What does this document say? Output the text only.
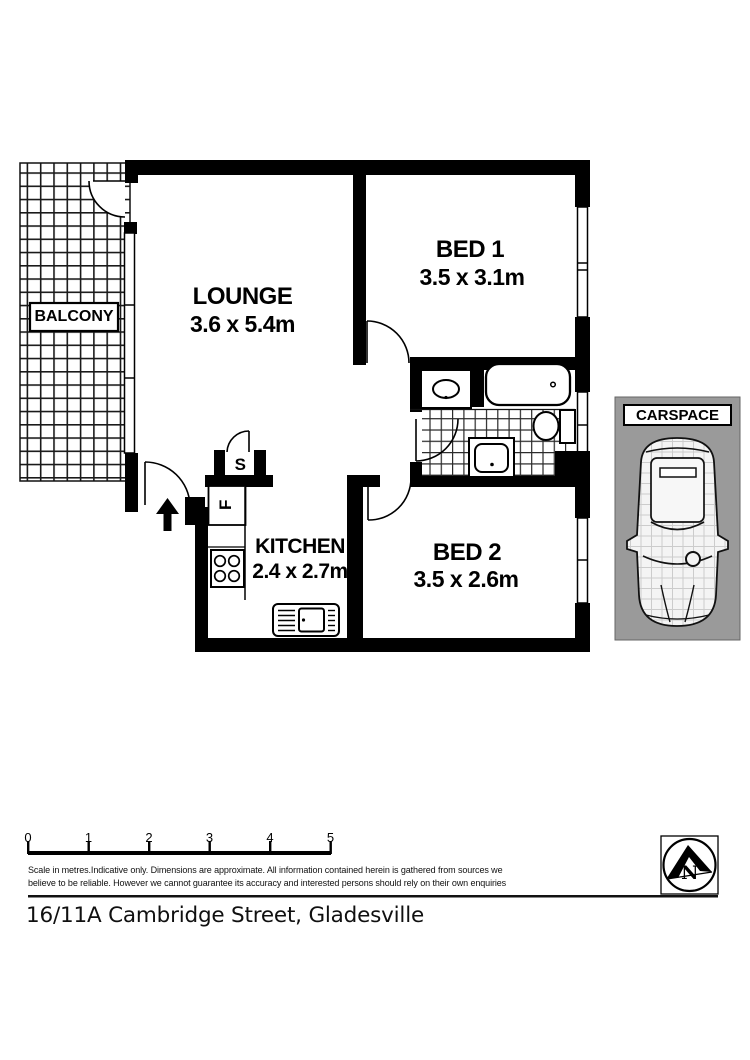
BALCONY
LOUNGE
3.6 x 5.4m
BED 1
3.5 x 3.1m
KITCHEN
2.4 x 2.7m
BED 2
3.5 x 2.6m
CARSPACE
S
F
N
0	1	2	3	4	5
Scale in metres.Indicative only. Dimensions are approximate. All information contained herein is gathered from sources we
believe to be reliable. However we cannot guarantee its accuracy and interested persons should rely on their own enquiries
16/11A Cambridge Street, Gladesville
